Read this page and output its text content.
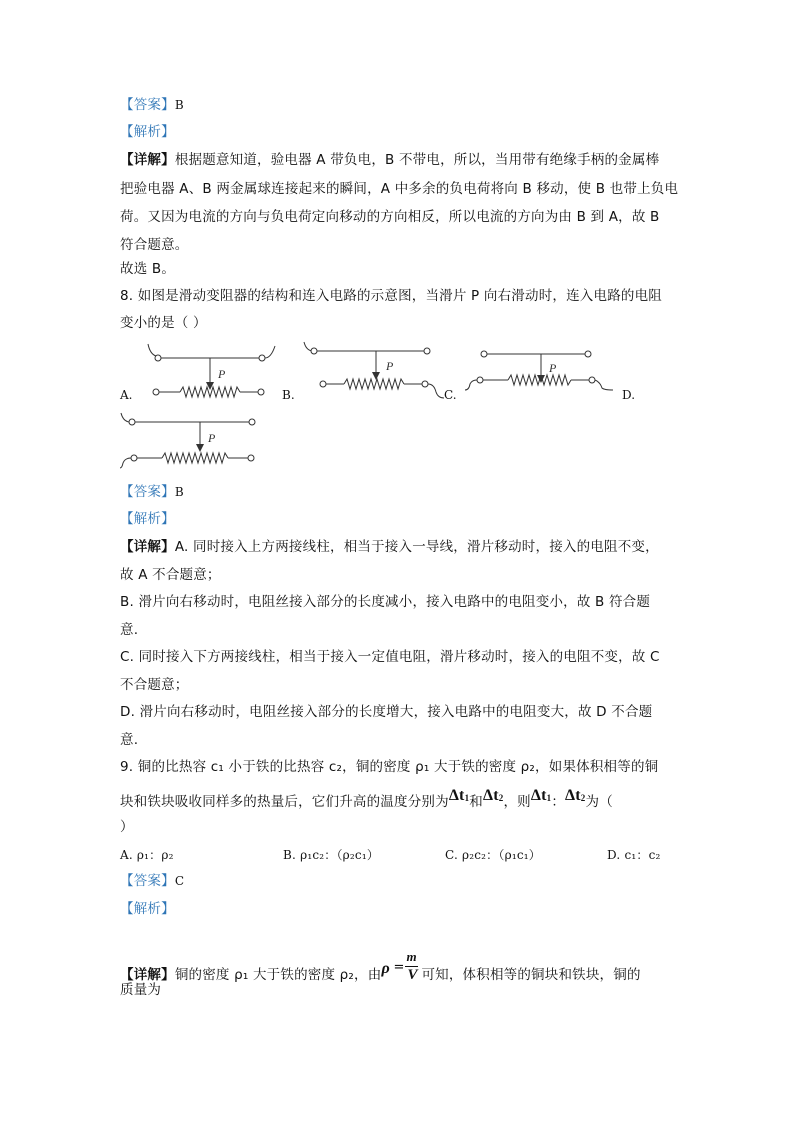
【答案】B
【解析】
【详解】根据题意知道，验电器 A 带负电，B 不带电，所以，当用带有绝缘手柄的金属棒
把验电器 A、B 两金属球连接起来的瞬间，A 中多余的负电荷将向 B 移动，使 B 也带上负电
荷。又因为电流的方向与负电荷定向移动的方向相反，所以电流的方向为由 B 到 A，故 B
符合题意。
故选 B。
8. 如图是滑动变阻器的结构和连入电路的示意图，当滑片 P 向右滑动时，连入电路的电阻
变小的是（ ）
A.
P
B.
P
C.
P
D.
P
【答案】B
【解析】
【详解】A. 同时接入上方两接线柱，相当于接入一导线，滑片移动时，接入的电阻不变，
故 A 不合题意；
B. 滑片向右移动时，电阻丝接入部分的长度减小，接入电路中的电阻变小，故 B 符合题
意.
C. 同时接入下方两接线柱，相当于接入一定值电阻，滑片移动时，接入的电阻不变，故 C
不合题意；
D. 滑片向右移动时，电阻丝接入部分的长度增大，接入电路中的电阻变大，故 D 不合题
意.
9. 铜的比热容 c₁ 小于铁的比热容 c₂，铜的密度 ρ₁ 大于铁的密度 ρ₂，如果体积相等的铜
块和铁块吸收同样多的热量后，它们升高的温度分别为$\Delta t_1$和$\Delta t_2$，则$\Delta t_1$：$\Delta t_2$为（
）
A. ρ₁：ρ₂	B. ρ₁c₂：（ρ₂c₁）	C. ρ₂c₂：（ρ₁c₁）	D. c₁：c₂
【答案】C
【解析】
【详解】铜的密度 ρ₁ 大于铁的密度 ρ₂，由 ρ =
m
V 可知，体积相等的铜块和铁块，铜的
质量为
